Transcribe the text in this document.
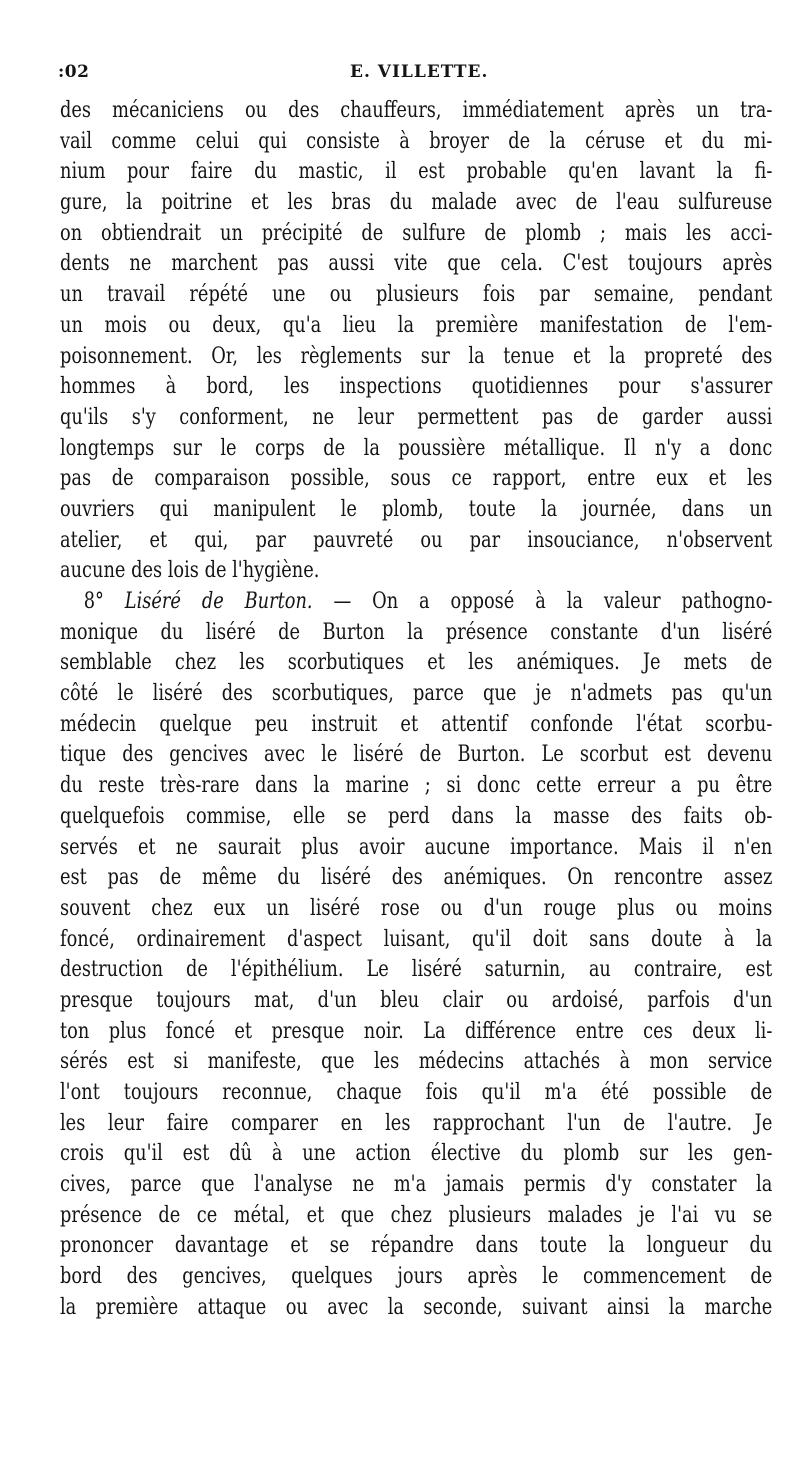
:02	E. VILLETTE.
des mécaniciens ou des chauffeurs, immédiatement après un tra-
vail comme celui qui consiste à broyer de la céruse et du mi-
nium pour faire du mastic, il est probable qu'en lavant la fi-
gure, la poitrine et les bras du malade avec de l'eau sulfureuse
on obtiendrait un précipité de sulfure de plomb ; mais les acci-
dents ne marchent pas aussi vite que cela. C'est toujours après
un travail répété une ou plusieurs fois par semaine, pendant
un mois ou deux, qu'a lieu la première manifestation de l'em-
poisonnement. Or, les règlements sur la tenue et la propreté des
hommes à bord, les inspections quotidiennes pour s'assurer
qu'ils s'y conforment, ne leur permettent pas de garder aussi
longtemps sur le corps de la poussière métallique. Il n'y a donc
pas de comparaison possible, sous ce rapport, entre eux et les
ouvriers qui manipulent le plomb, toute la journée, dans un
atelier, et qui, par pauvreté ou par insouciance, n'observent
aucune des lois de l'hygiène.
8° Liséré de Burton. — On a opposé à la valeur pathogno-
monique du liséré de Burton la présence constante d'un liséré
semblable chez les scorbutiques et les anémiques. Je mets de
côté le liséré des scorbutiques, parce que je n'admets pas qu'un
médecin quelque peu instruit et attentif confonde l'état scorbu-
tique des gencives avec le liséré de Burton. Le scorbut est devenu
du reste très-rare dans la marine ; si donc cette erreur a pu être
quelquefois commise, elle se perd dans la masse des faits ob-
servés et ne saurait plus avoir aucune importance. Mais il n'en
est pas de même du liséré des anémiques. On rencontre assez
souvent chez eux un liséré rose ou d'un rouge plus ou moins
foncé, ordinairement d'aspect luisant, qu'il doit sans doute à la
destruction de l'épithélium. Le liséré saturnin, au contraire, est
presque toujours mat, d'un bleu clair ou ardoisé, parfois d'un
ton plus foncé et presque noir. La différence entre ces deux li-
sérés est si manifeste, que les médecins attachés à mon service
l'ont toujours reconnue, chaque fois qu'il m'a été possible de
les leur faire comparer en les rapprochant l'un de l'autre. Je
crois qu'il est dû à une action élective du plomb sur les gen-
cives, parce que l'analyse ne m'a jamais permis d'y constater la
présence de ce métal, et que chez plusieurs malades je l'ai vu se
prononcer davantage et se répandre dans toute la longueur du
bord des gencives, quelques jours après le commencement de
la première attaque ou avec la seconde, suivant ainsi la marche
